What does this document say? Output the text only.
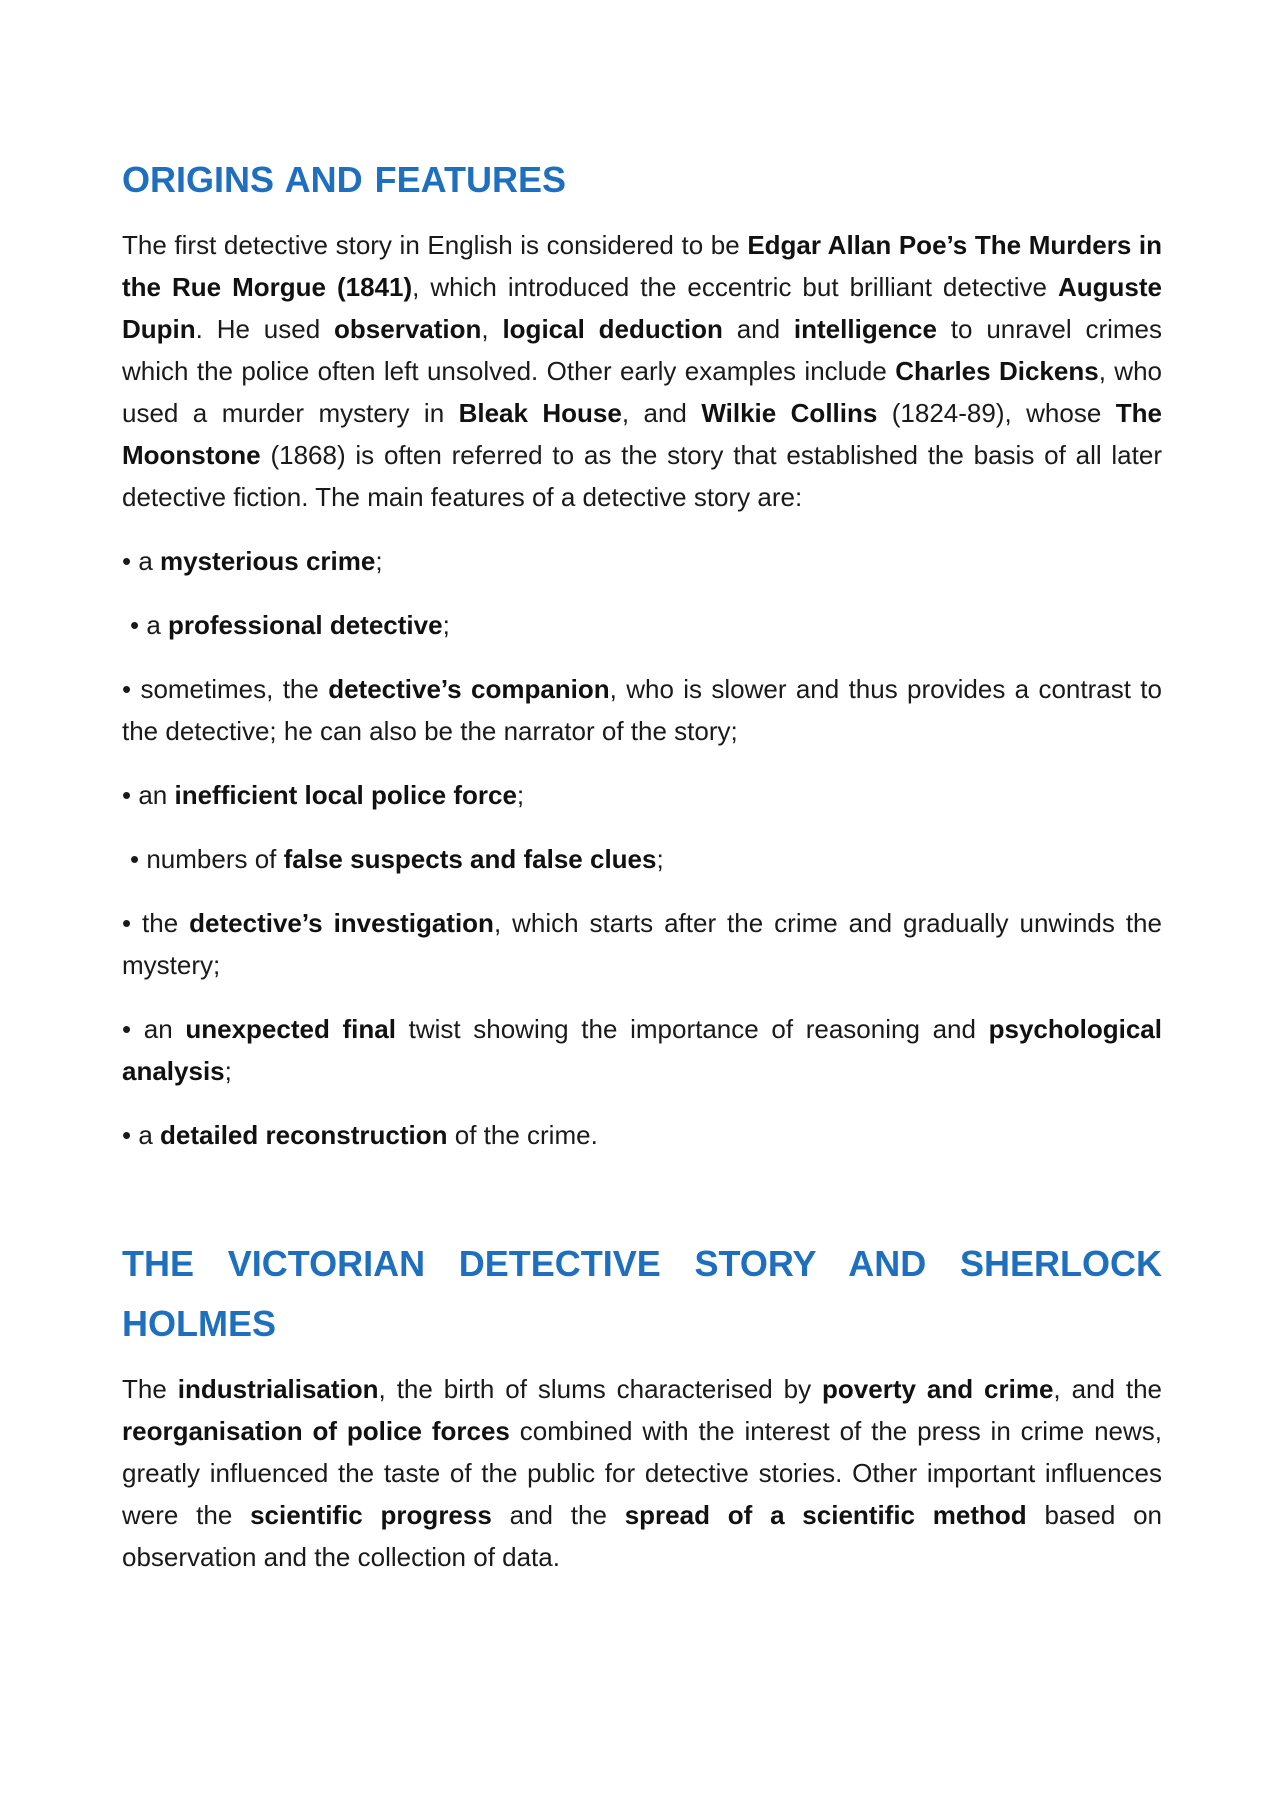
ORIGINS AND FEATURES

The first detective story in English is considered to be Edgar Allan Poe’s The Murders in the Rue Morgue (1841), which introduced the eccentric but brilliant detective Auguste Dupin. He used observation, logical deduction and intelligence to unravel crimes which the police often left unsolved. Other early examples include Charles Dickens, who used a murder mystery in Bleak House, and Wilkie Collins (1824-89), whose The Moonstone (1868) is often referred to as the story that established the basis of all later detective fiction. The main features of a detective story are:

• a mysterious crime;

• a professional detective;

• sometimes, the detective’s companion, who is slower and thus provides a contrast to the detective; he can also be the narrator of the story;

• an inefficient local police force;

• numbers of false suspects and false clues;

• the detective’s investigation, which starts after the crime and gradually unwinds the mystery;

• an unexpected final twist showing the importance of reasoning and psychological analysis;

• a detailed reconstruction of the crime.

THE VICTORIAN DETECTIVE STORY AND SHERLOCK HOLMES

The industrialisation, the birth of slums characterised by poverty and crime, and the reorganisation of police forces combined with the interest of the press in crime news, greatly influenced the taste of the public for detective stories. Other important influences were the scientific progress and the spread of a scientific method based on observation and the collection of data.
